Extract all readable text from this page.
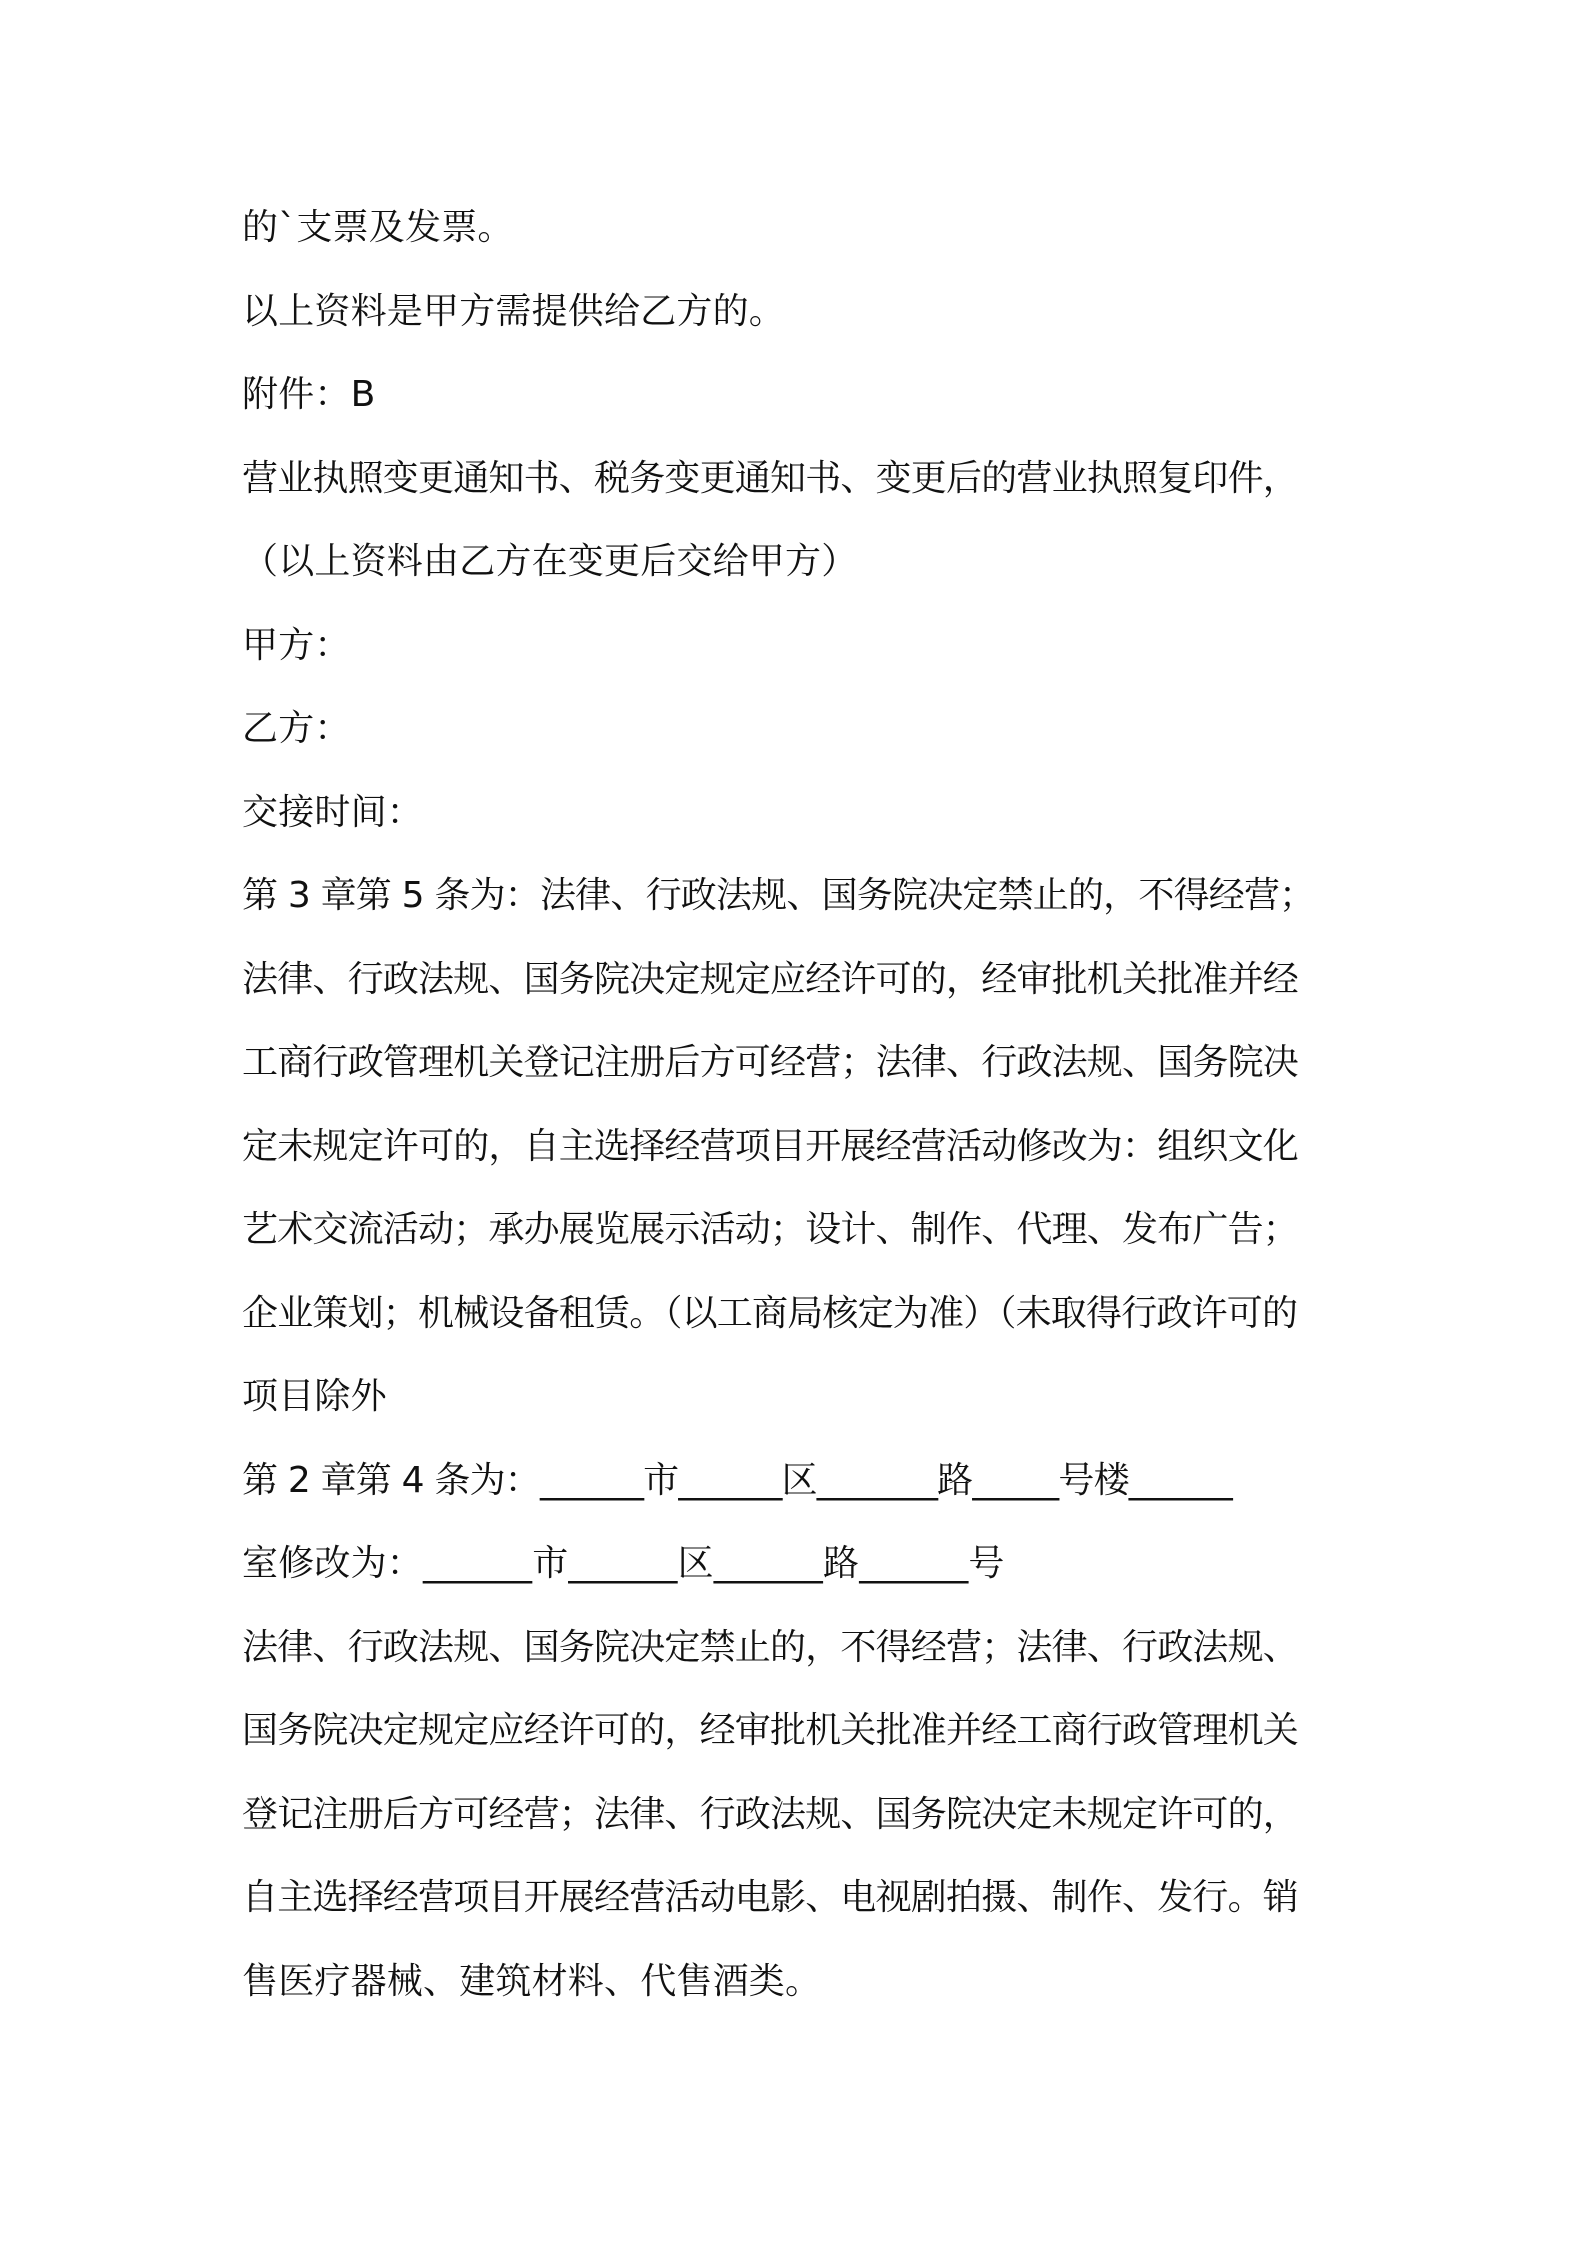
的`支票及发票。
以上资料是甲方需提供给乙方的。
附件：B
营业执照变更通知书、税务变更通知书、变更后的营业执照复印件，
（以上资料由乙方在变更后交给甲方）
甲方：
乙方：
交接时间：
第 3 章第 5 条为：法律、行政法规、国务院决定禁止的，不得经营；
法律、行政法规、国务院决定规定应经许可的，经审批机关批准并经
工商行政管理机关登记注册后方可经营；法律、行政法规、国务院决
定未规定许可的，自主选择经营项目开展经营活动修改为：组织文化
艺术交流活动；承办展览展示活动；设计、制作、代理、发布广告；
企业策划；机械设备租赁。（以工商局核定为准）（未取得行政许可的
项目除外
第 2 章第 4 条为：______市______区_______路_____号楼______
室修改为：______市______区______路______号
法律、行政法规、国务院决定禁止的，不得经营；法律、行政法规、
国务院决定规定应经许可的，经审批机关批准并经工商行政管理机关
登记注册后方可经营；法律、行政法规、国务院决定未规定许可的，
自主选择经营项目开展经营活动电影、电视剧拍摄、制作、发行。销
售医疗器械、建筑材料、代售酒类。
